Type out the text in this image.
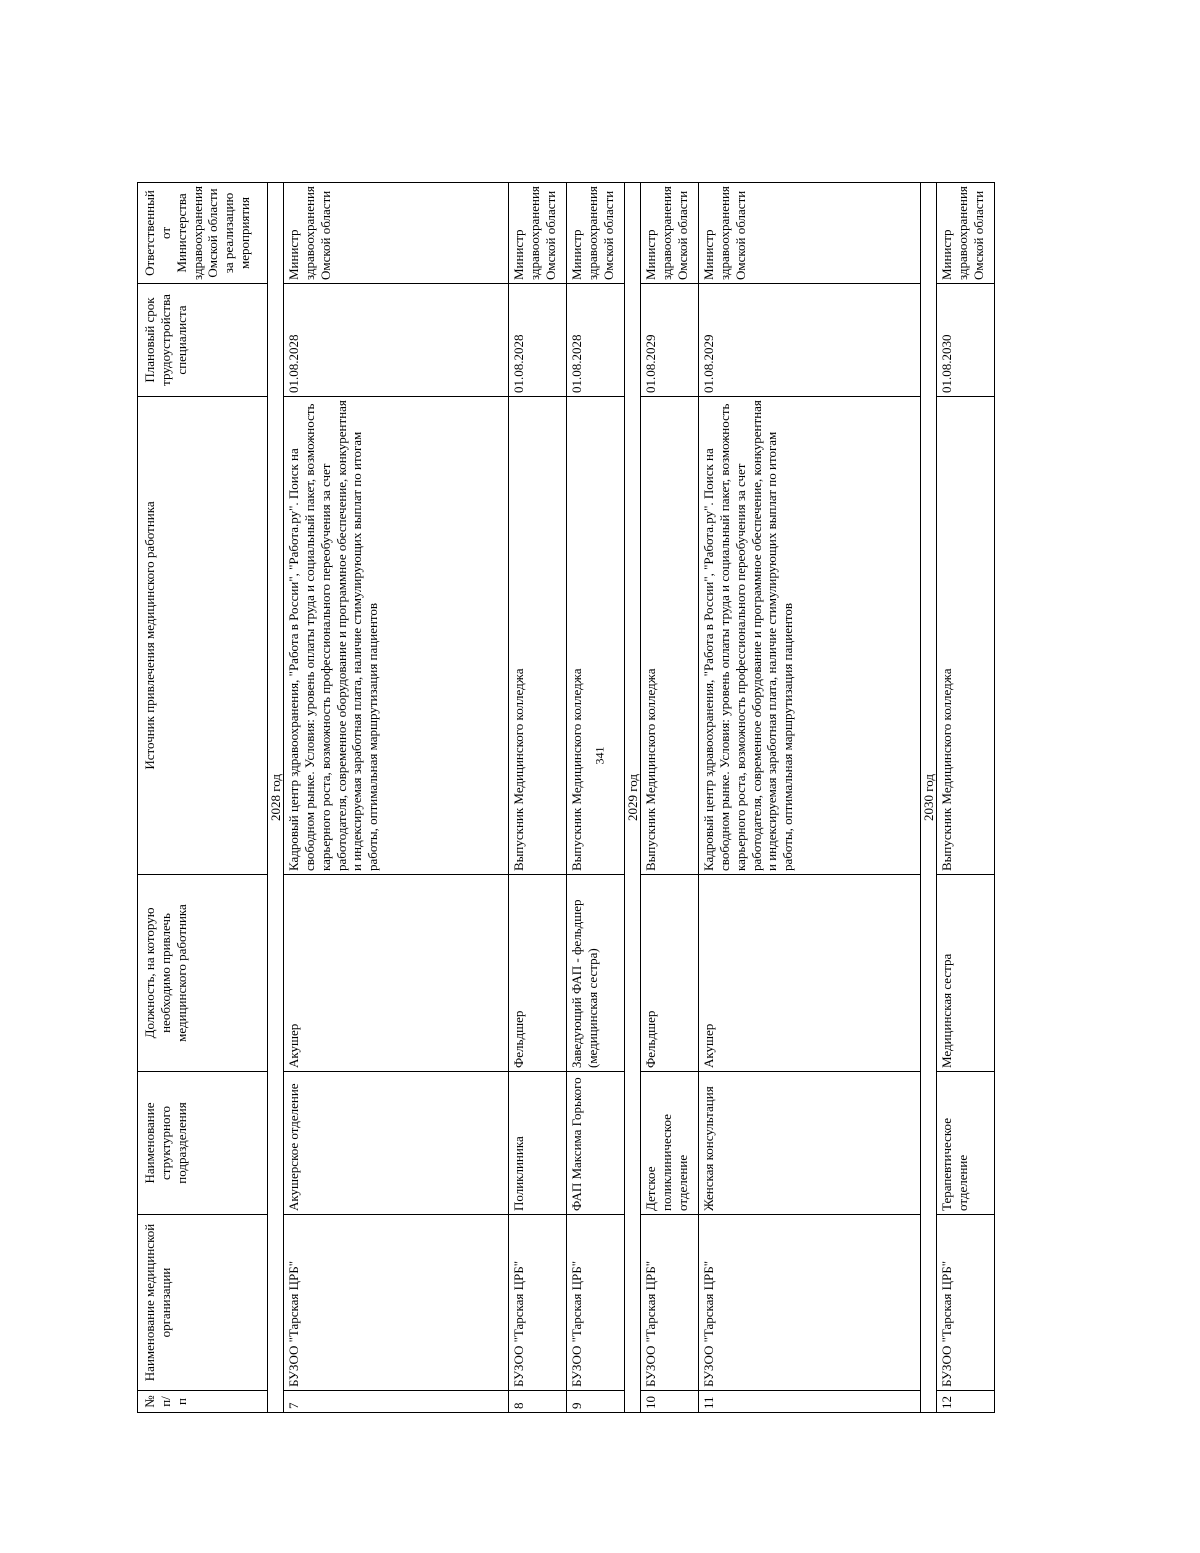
341
№ п/п	Наименование медицинской организации	Наименование структурного подразделения	Должность, на которую необходимо привлечь медицинского работника	Источник привлечения медицинского работника	Плановый срок трудоустройства специалиста	Ответственный от Министерства здравоохранения Омской области за реализацию мероприятия
2028 год						
7	БУЗОО "Тарская ЦРБ"	Акушерское отделение	Акушер	Кадровый центр здравоохранения, "Работа в России", "Работа.ру". Поиск на свободном рынке. Условия: уровень оплаты труда и социальный пакет, возможность карьерного роста, возможность профессионального переобучения за счет работодателя, современное оборудование и программное обеспечение, конкурентная и индексируемая заработная плата, наличие стимулирующих выплат по итогам работы, оптимальная маршрутизация пациентов	01.08.2028	Министр здравоохранения Омской области
8	БУЗОО "Тарская ЦРБ"	Поликлиника	Фельдшер	Выпускник Медицинского колледжа	01.08.2028	Министр здравоохранения Омской области
9	БУЗОО "Тарская ЦРБ"	ФАП Максима Горького	Заведующий ФАП - фельдшер (медицинская сестра)	Выпускник Медицинского колледжа	01.08.2028	Министр здравоохранения Омской области
2029 год						
10	БУЗОО "Тарская ЦРБ"	Детское поликлиническое отделение	Фельдшер	Выпускник Медицинского колледжа	01.08.2029	Министр здравоохранения Омской области
11	БУЗОО "Тарская ЦРБ"	Женская консультация	Акушер	Кадровый центр здравоохранения, "Работа в России", "Работа.ру". Поиск на свободном рынке. Условия: уровень оплаты труда и социальный пакет, возможность карьерного роста, возможность профессионального переобучения за счет работодателя, современное оборудование и программное обеспечение, конкурентная и индексируемая заработная плата, наличие стимулирующих выплат по итогам работы, оптимальная маршрутизация пациентов	01.08.2029	Министр здравоохранения Омской области
2030 год						
12	БУЗОО "Тарская ЦРБ"	Терапевтическое отделение	Медицинская сестра	Выпускник Медицинского колледжа	01.08.2030	Министр здравоохранения Омской области
